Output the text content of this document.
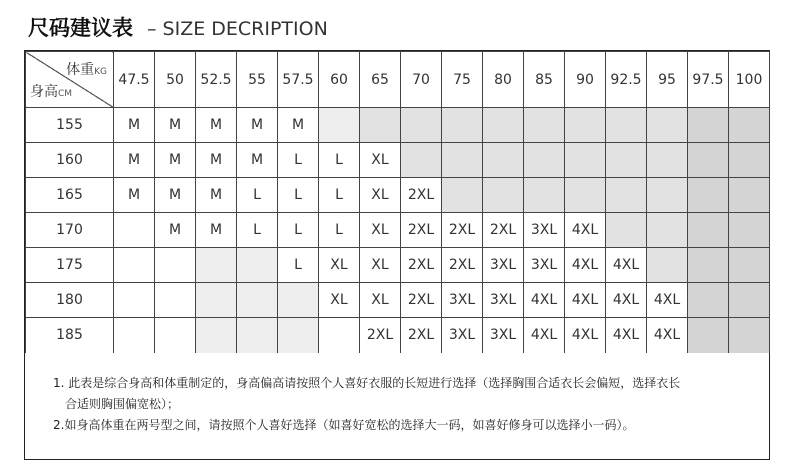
尺码建议表 – SIZE DECRIPTION
体重KG
身高CM	47.5	50	52.5	55	57.5	60	65	70	75	80	85	90	92.5	95	97.5	100
155	M	M	M	M	M											
160	M	M	M	M	L	L	XL									
165	M	M	M	L	L	L	XL	2XL								
170		M	M	L	L	L	XL	2XL	2XL	2XL	3XL	4XL				
175					L	XL	XL	2XL	2XL	3XL	3XL	4XL	4XL			
180						XL	XL	2XL	3XL	3XL	4XL	4XL	4XL	4XL		
185							2XL	2XL	3XL	3XL	4XL	4XL	4XL	4XL		
1. 此表是综合身高和体重制定的，身高偏高请按照个人喜好衣服的长短进行选择（选择胸围合适衣长会偏短，选择衣长
合适则胸围偏宽松）；
2.如身高体重在两号型之间，请按照个人喜好选择（如喜好宽松的选择大一码，如喜好修身可以选择小一码）。
